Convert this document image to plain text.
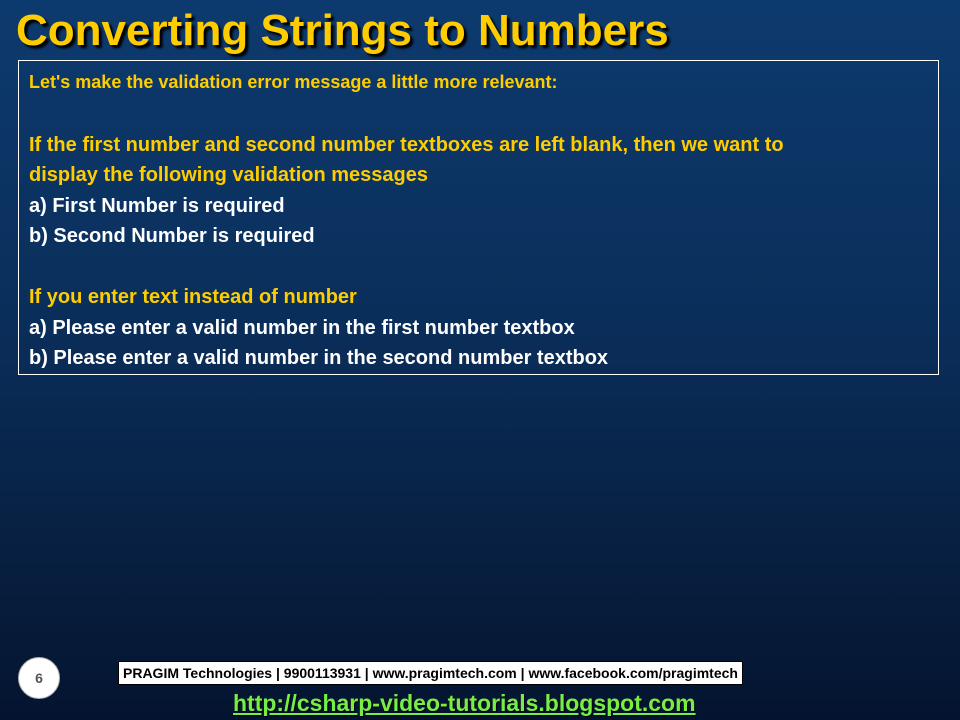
Converting Strings to Numbers
Let's make the validation error message a little more relevant:
If the first number and second number textboxes are left blank, then we want to
display the following validation messages
a) First Number is required
b) Second Number is required
If you enter text instead of number
a) Please enter a valid number in the first number textbox
b) Please enter a valid number in the second number textbox
6	PRAGIM Technologies | 9900113931 | www.pragimtech.com | www.facebook.com/pragimtech
http://csharp-video-tutorials.blogspot.com
